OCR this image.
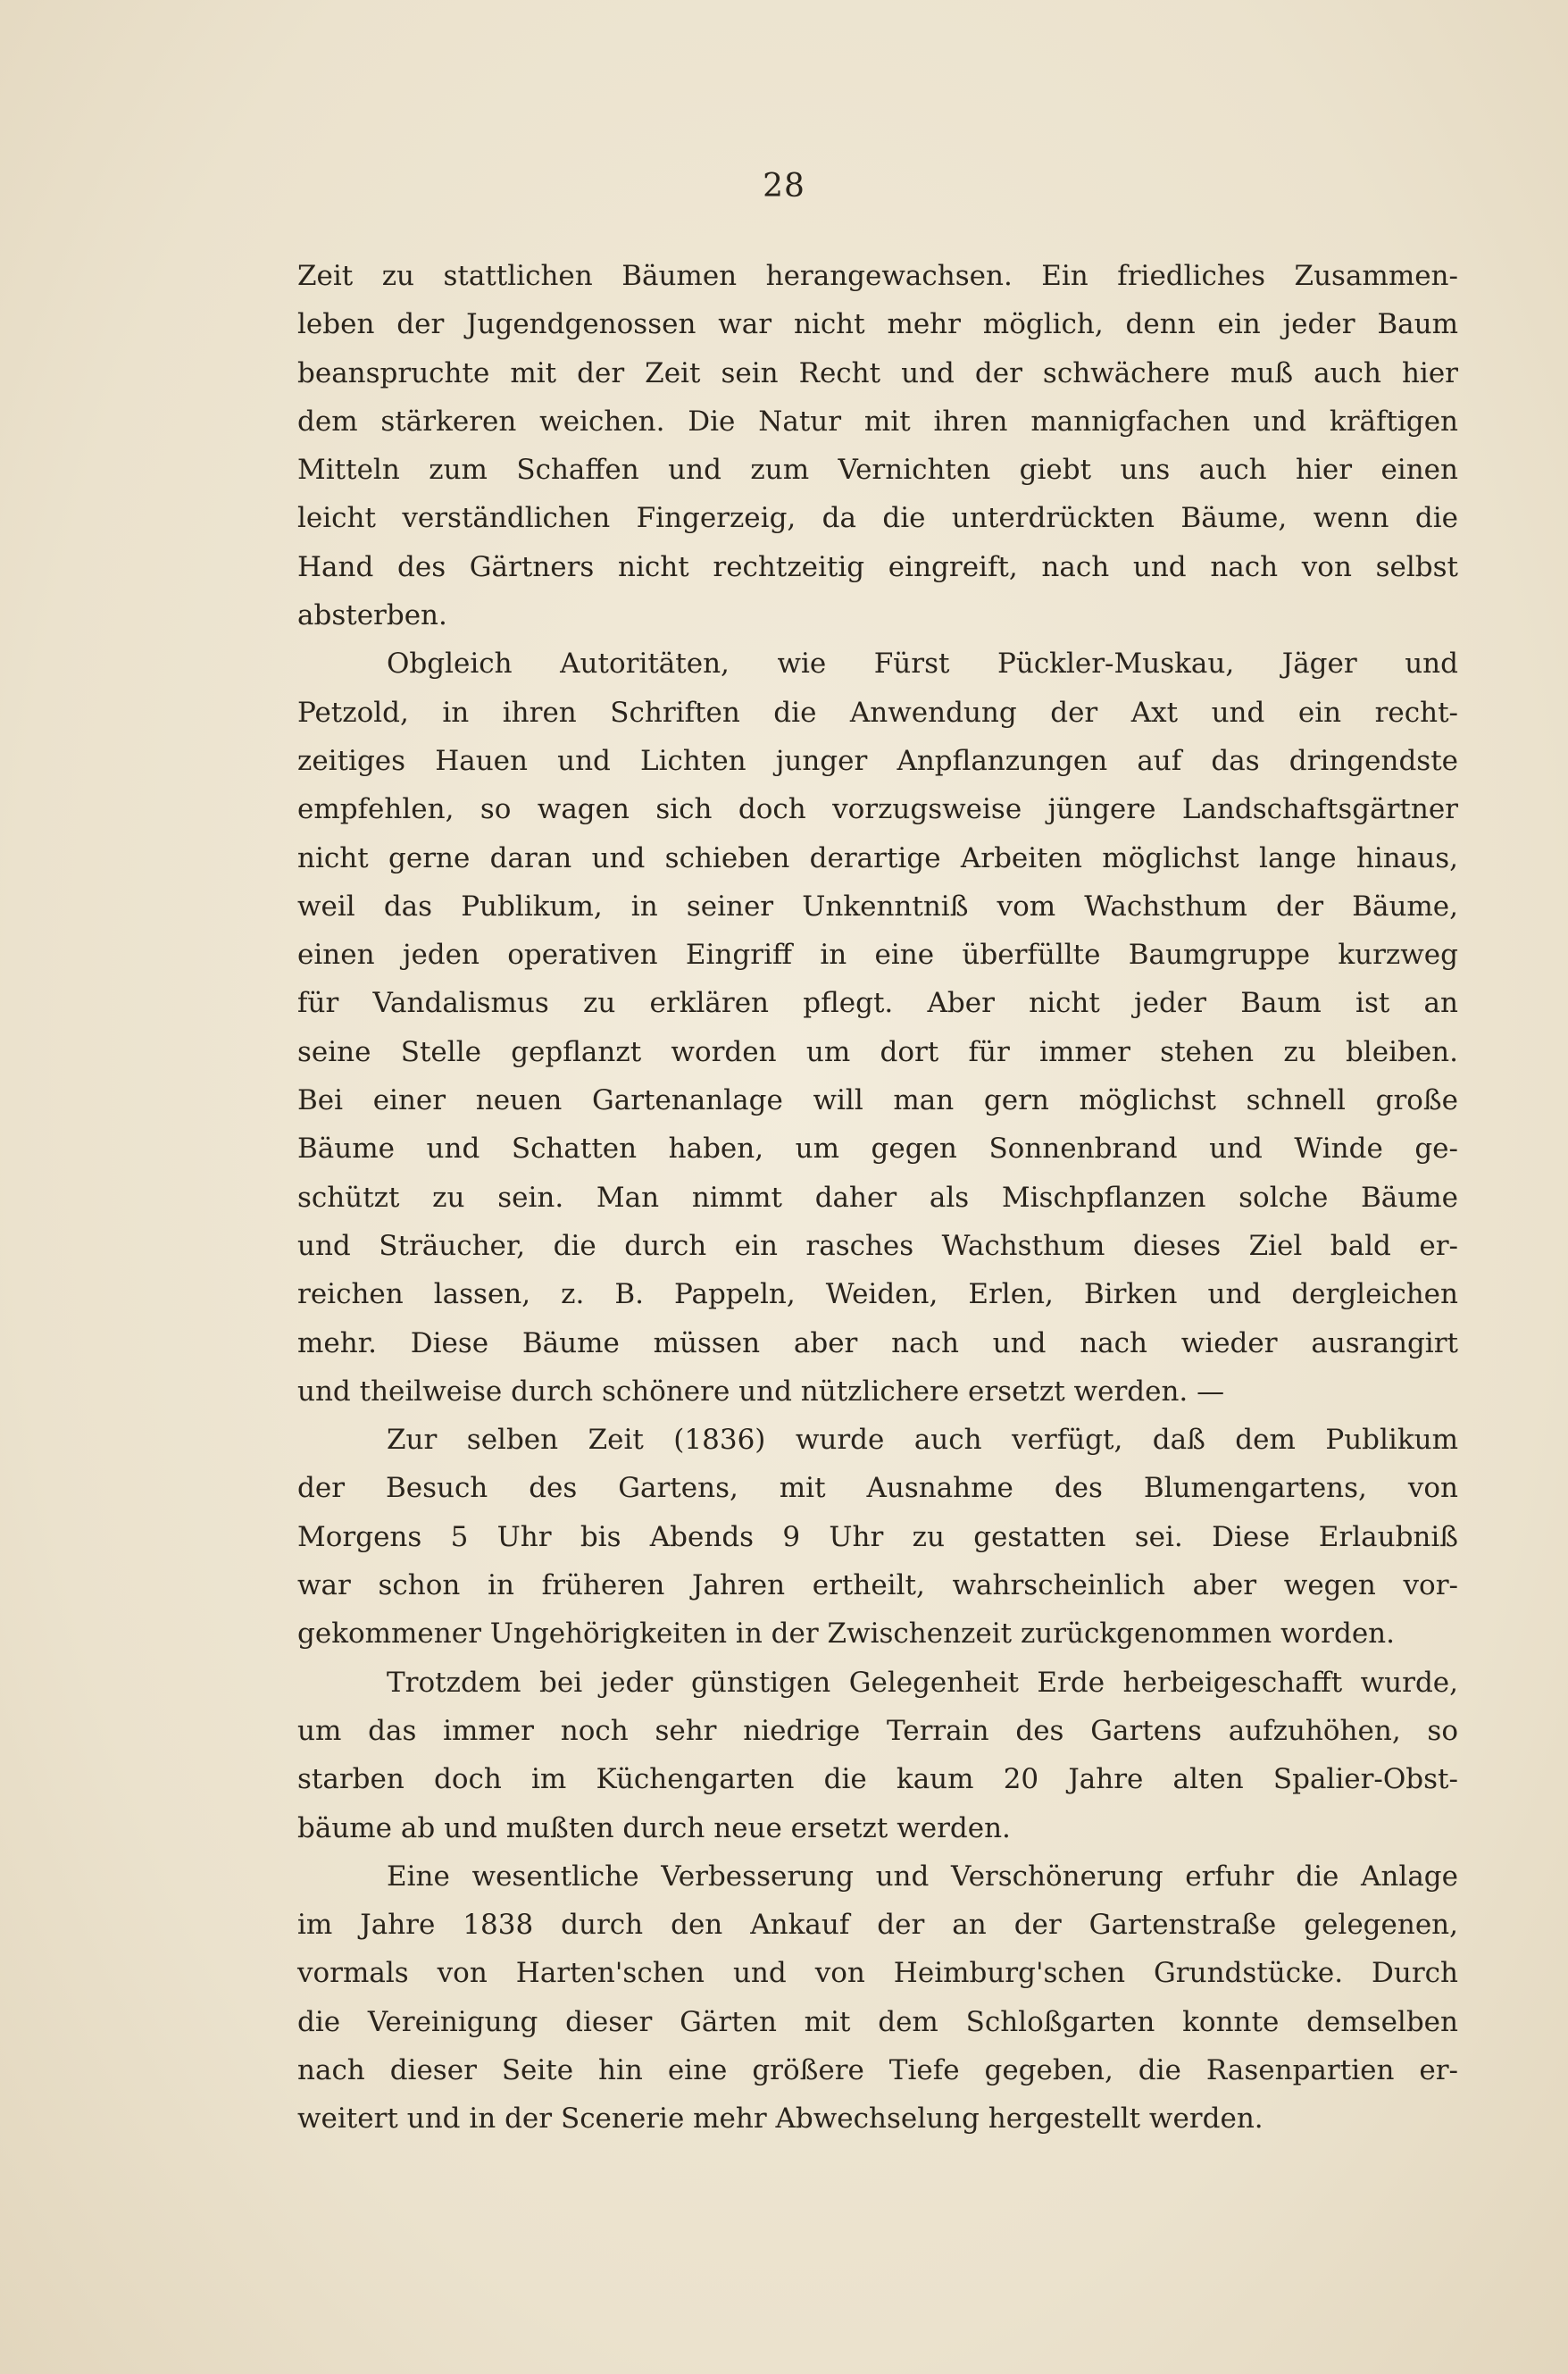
28
Zeit zu stattlichen Bäumen herangewachsen. Ein friedliches Zusammen-
leben der Jugendgenossen war nicht mehr möglich, denn ein jeder Baum
beanspruchte mit der Zeit sein Recht und der schwächere muß auch hier
dem stärkeren weichen. Die Natur mit ihren mannigfachen und kräftigen
Mitteln zum Schaffen und zum Vernichten giebt uns auch hier einen
leicht verständlichen Fingerzeig, da die unterdrückten Bäume, wenn die
Hand des Gärtners nicht rechtzeitig eingreift, nach und nach von selbst
absterben.
Obgleich Autoritäten, wie Fürst Pückler-Muskau, Jäger und
Petzold, in ihren Schriften die Anwendung der Axt und ein recht-
zeitiges Hauen und Lichten junger Anpflanzungen auf das dringendste
empfehlen, so wagen sich doch vorzugsweise jüngere Landschaftsgärtner
nicht gerne daran und schieben derartige Arbeiten möglichst lange hinaus,
weil das Publikum, in seiner Unkenntniß vom Wachsthum der Bäume,
einen jeden operativen Eingriff in eine überfüllte Baumgruppe kurzweg
für Vandalismus zu erklären pflegt. Aber nicht jeder Baum ist an
seine Stelle gepflanzt worden um dort für immer stehen zu bleiben.
Bei einer neuen Gartenanlage will man gern möglichst schnell große
Bäume und Schatten haben, um gegen Sonnenbrand und Winde ge-
schützt zu sein. Man nimmt daher als Mischpflanzen solche Bäume
und Sträucher, die durch ein rasches Wachsthum dieses Ziel bald er-
reichen lassen, z. B. Pappeln, Weiden, Erlen, Birken und dergleichen
mehr. Diese Bäume müssen aber nach und nach wieder ausrangirt
und theilweise durch schönere und nützlichere ersetzt werden. —
Zur selben Zeit (1836) wurde auch verfügt, daß dem Publikum
der Besuch des Gartens, mit Ausnahme des Blumengartens, von
Morgens 5 Uhr bis Abends 9 Uhr zu gestatten sei. Diese Erlaubniß
war schon in früheren Jahren ertheilt, wahrscheinlich aber wegen vor-
gekommener Ungehörigkeiten in der Zwischenzeit zurückgenommen worden.
Trotzdem bei jeder günstigen Gelegenheit Erde herbeigeschafft wurde,
um das immer noch sehr niedrige Terrain des Gartens aufzuhöhen, so
starben doch im Küchengarten die kaum 20 Jahre alten Spalier-Obst-
bäume ab und mußten durch neue ersetzt werden.
Eine wesentliche Verbesserung und Verschönerung erfuhr die Anlage
im Jahre 1838 durch den Ankauf der an der Gartenstraße gelegenen,
vormals von Harten'schen und von Heimburg'schen Grundstücke. Durch
die Vereinigung dieser Gärten mit dem Schloßgarten konnte demselben
nach dieser Seite hin eine größere Tiefe gegeben, die Rasenpartien er-
weitert und in der Scenerie mehr Abwechselung hergestellt werden.
